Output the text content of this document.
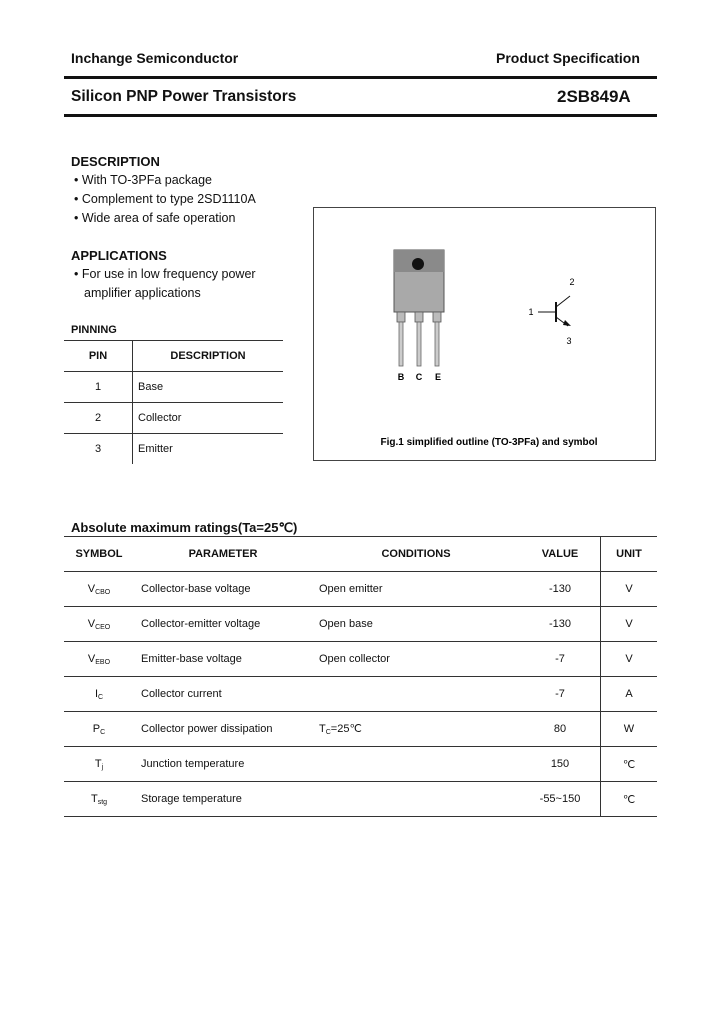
Inchange Semiconductor	Product Specification
Silicon PNP Power Transistors	2SB849A
DESCRIPTION
• With TO-3PFa package
• Complement to type 2SD1110A
• Wide area of safe operation
APPLICATIONS
• For use in low frequency power
amplifier applications
PINNING
PIN	DESCRIPTION
1	Base
2	Collector
3	Emitter
B C E
1
2
3
Fig.1 simplified outline (TO-3PFa) and symbol
Absolute maximum ratings(Ta=25℃)
SYMBOL	PARAMETER	CONDITIONS	VALUE	UNIT
$V_{CBO}$	Collector-base voltage	Open emitter	-130	V
$V_{CEO}$	Collector-emitter voltage	Open base	-130	V
$V_{EBO}$	Emitter-base voltage	Open collector	-7	V
$I_C$	Collector current		-7	A
$P_C$	Collector power dissipation	$T_C=25℃$	80	W
$T_j$	Junction temperature		150	℃
$T_{stg}$	Storage temperature		-55~150	℃
